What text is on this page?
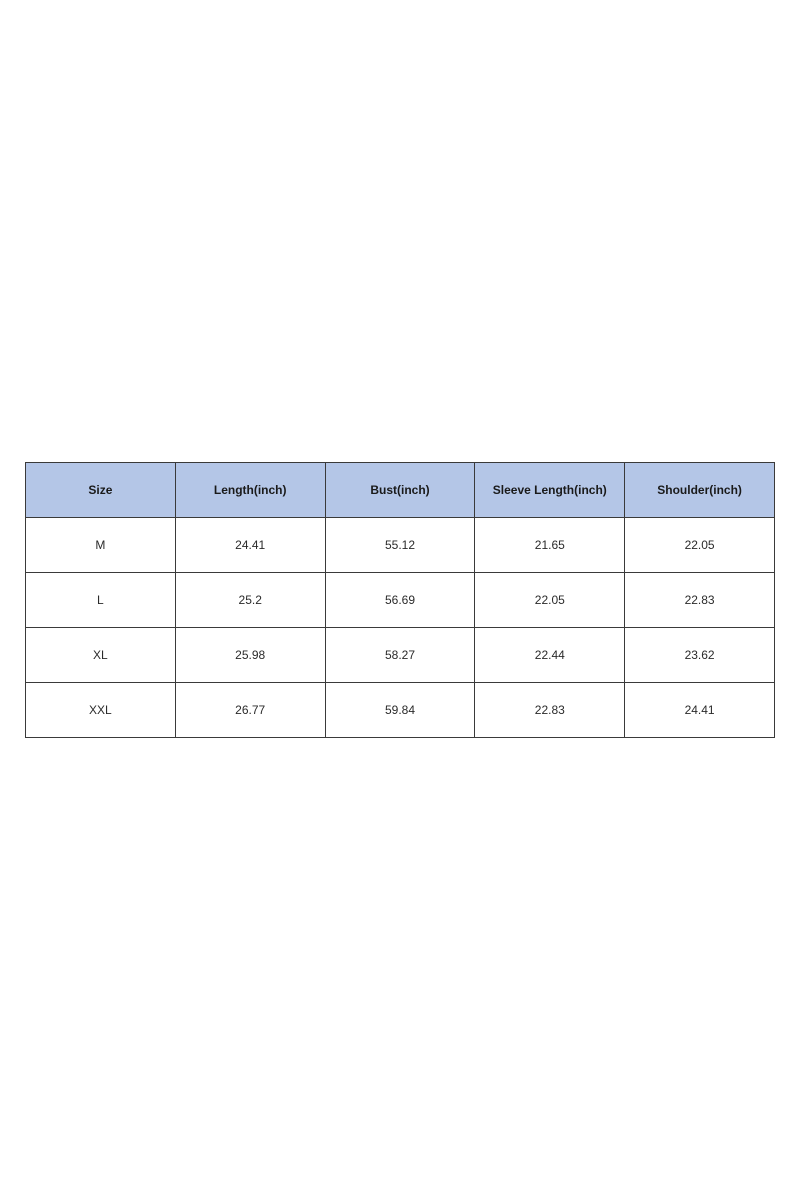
Size	Length(inch)	Bust(inch)	Sleeve Length(inch)	Shoulder(inch)
M	24.41	55.12	21.65	22.05
L	25.2	56.69	22.05	22.83
XL	25.98	58.27	22.44	23.62
XXL	26.77	59.84	22.83	24.41
